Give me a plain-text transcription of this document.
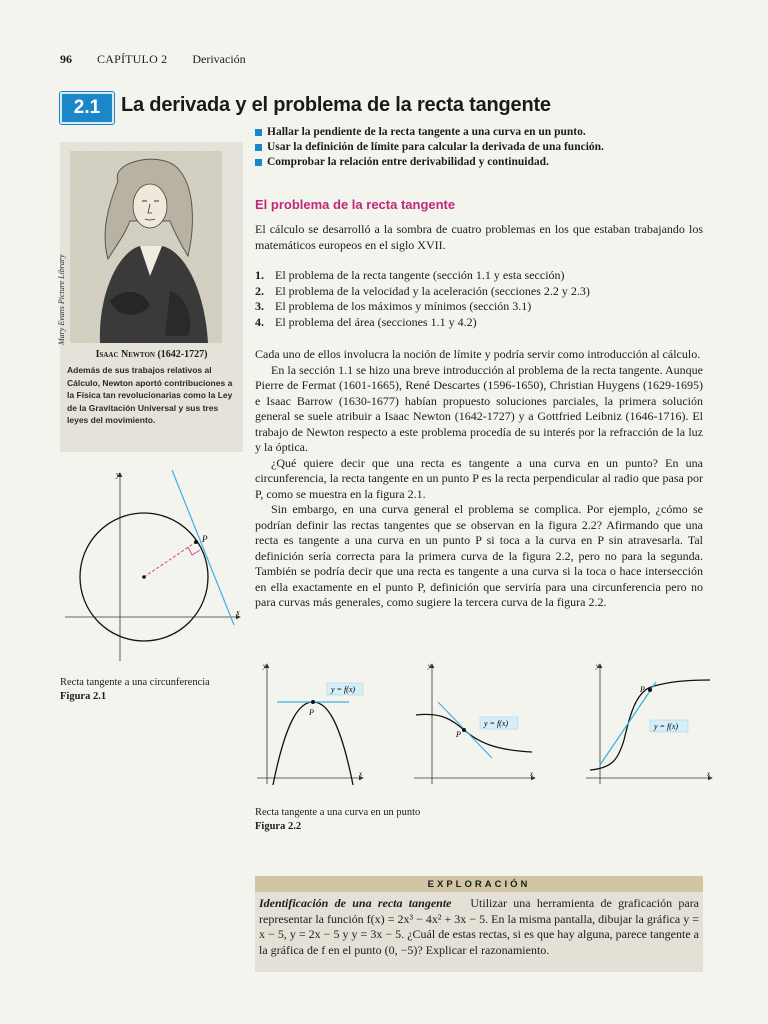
96 CAPÍTULO 2 Derivación
2.1	La derivada y el problema de la recta tangente
Hallar la pendiente de la recta tangente a una curva en un punto.
Usar la definición de límite para calcular la derivada de una función.
Comprobar la relación entre derivabilidad y continuidad.
Mary Evans Picture Library
Isaac Newton (1642-1727)
Además de sus trabajos relativos al Cálculo, Newton aportó contribuciones a la Física tan revolucionarias como la Ley de la Gravitación Universal y sus tres leyes del movimiento.
El problema de la recta tangente

El cálculo se desarrolló a la sombra de cuatro problemas en los que estaban trabajando los matemáticos europeos en el siglo XVII.

1. El problema de la recta tangente (sección 1.1 y esta sección)
2. El problema de la velocidad y la aceleración (secciones 2.2 y 2.3)
3. El problema de los máximos y mínimos (sección 3.1)
4. El problema del área (secciones 1.1 y 4.2)

Cada uno de ellos involucra la noción de límite y podría servir como introducción al cálculo.

En la sección 1.1 se hizo una breve introducción al problema de la recta tangente. Aunque Pierre de Fermat (1601-1665), René Descartes (1596-1650), Christian Huygens (1629-1695) e Isaac Barrow (1630-1677) habían propuesto soluciones parciales, la primera solución general se suele atribuir a Isaac Newton (1642-1727) y a Gottfried Leibniz (1646-1716). El trabajo de Newton respecto a este problema procedía de su interés por la refracción de la luz y la óptica.

¿Qué quiere decir que una recta es tangente a una curva en un punto? En una circunferencia, la recta tangente en un punto P es la recta perpendicular al radio que pasa por P, como se muestra en la figura 2.1.

Sin embargo, en una curva general el problema se complica. Por ejemplo, ¿cómo se podrían definir las rectas tangentes que se observan en la figura 2.2? Afirmando que una recta es tangente a una curva en un punto P si toca a la curva en P sin atravesarla. Tal definición sería correcta para la primera curva de la figura 2.2, pero no para la segunda. También se podría decir que una recta es tangente a una curva si la toca o hace intersección en ella exactamente en el punto P, definición que serviría para una circunferencia pero no para curvas más generales, como sugiere la tercera curva de la figura 2.2.

x
y
P
Recta tangente a una circunferencia
Figura 2.1
x
y
P
y = f(x)
x
y
P
y = f(x)
x
y
P
y = f(x)
Recta tangente a una curva en un punto
Figura 2.2
EXPLORACIÓN
Identificación de una recta tangente Utilizar una herramienta de graficación para representar la función f(x) = 2x³ − 4x² + 3x − 5. En la misma pantalla, dibujar la gráfica y = x − 5, y = 2x − 5 y y = 3x − 5. ¿Cuál de estas rectas, si es que hay alguna, parece tangente a la gráfica de f en el punto (0, −5)? Explicar el razonamiento.
